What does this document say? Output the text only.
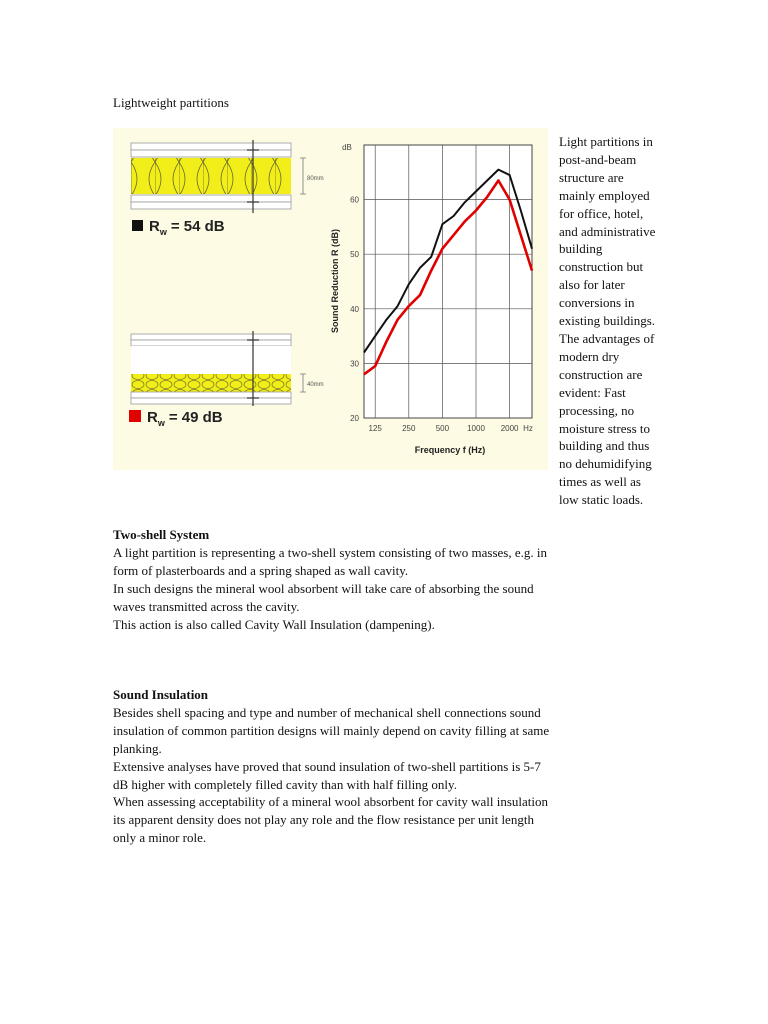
Lightweight partitions
80mm
$R_w = 54$ dB
40mm
$R_w = 49$ dB	20
30
40
50
60
125	250	500 1000 2000
dB
Hz
Sound Reduction R (dB)
Frequency f (Hz)

Light partitions in post-and-beam structure are mainly employed for office, hotel, and administrative building construction but also for later conversions in existing buildings. The advantages of modern dry construction are evident: Fast processing, no moisture stress to building and thus no dehumidifying times as well as low static loads.

Two-shell System

A light partition is representing a two-shell system consisting of two masses, e.g. in form of plasterboards and a spring shaped as wall cavity.

In such designs the mineral wool absorbent will take care of absorbing the sound waves transmitted across the cavity.

This action is also called Cavity Wall Insulation (dampening).

Sound Insulation

Besides shell spacing and type and number of mechanical shell connections sound insulation of common partition designs will mainly depend on cavity filling at same planking.

Extensive analyses have proved that sound insulation of two-shell partitions is 5-7 dB higher with completely filled cavity than with half filling only.

When assessing acceptability of a mineral wool absorbent for cavity wall insulation its apparent density does not play any role and the flow resistance per unit length only a minor role.
